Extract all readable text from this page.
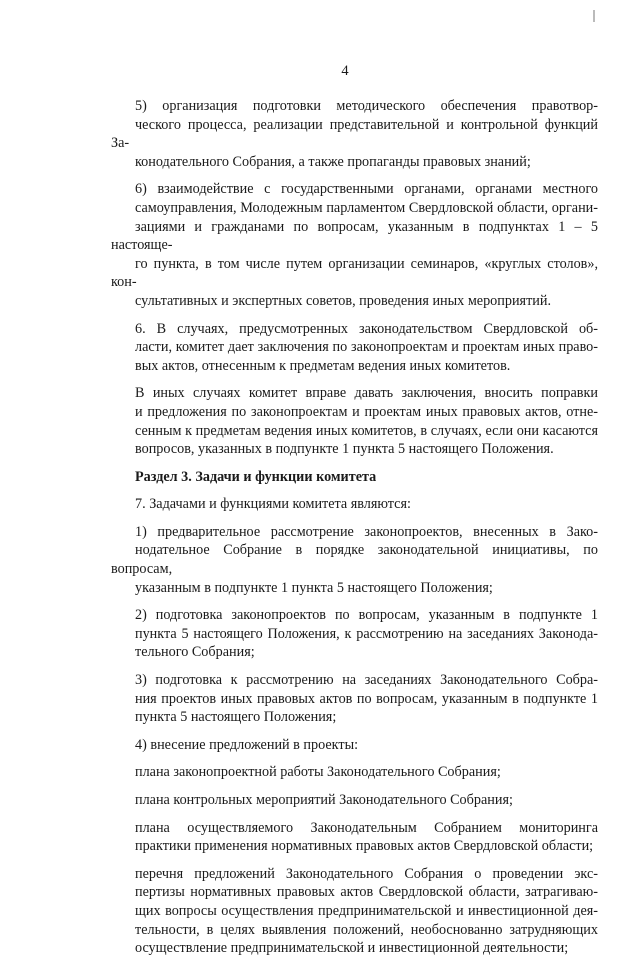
4

5) организация подготовки методического обеспечения правотвор-
ческого процесса, реализации представительной и контрольной функций За-
конодательного Собрания, а также пропаганды правовых знаний;

6) взаимодействие с государственными органами, органами местного
самоуправления, Молодежным парламентом Свердловской области, органи-
зациями и гражданами по вопросам, указанным в подпунктах 1 – 5 настояще-
го пункта, в том числе путем организации семинаров, «круглых столов», кон-
сультативных и экспертных советов, проведения иных мероприятий.

6. В случаях, предусмотренных законодательством Свердловской об-
ласти, комитет дает заключения по законопроектам и проектам иных право-
вых актов, отнесенным к предметам ведения иных комитетов.

В иных случаях комитет вправе давать заключения, вносить поправки
и предложения по законопроектам и проектам иных правовых актов, отне-
сенным к предметам ведения иных комитетов, в случаях, если они касаются
вопросов, указанных в подпункте 1 пункта 5 настоящего Положения.

Раздел 3. Задачи и функции комитета

7. Задачами и функциями комитета являются:

1) предварительное рассмотрение законопроектов, внесенных в Зако-
нодательное Собрание в порядке законодательной инициативы, по вопросам,
указанным в подпункте 1 пункта 5 настоящего Положения;

2) подготовка законопроектов по вопросам, указанным в подпункте 1
пункта 5 настоящего Положения, к рассмотрению на заседаниях Законода-
тельного Собрания;

3) подготовка к рассмотрению на заседаниях Законодательного Собра-
ния проектов иных правовых актов по вопросам, указанным в подпункте 1
пункта 5 настоящего Положения;

4) внесение предложений в проекты:

плана законопроектной работы Законодательного Собрания;

плана контрольных мероприятий Законодательного Собрания;

плана осуществляемого Законодательным Собранием мониторинга
практики применения нормативных правовых актов Свердловской области;

перечня предложений Законодательного Собрания о проведении экс-
пертизы нормативных правовых актов Свердловской области, затрагиваю-
щих вопросы осуществления предпринимательской и инвестиционной дея-
тельности, в целях выявления положений, необоснованно затрудняющих
осуществление предпринимательской и инвестиционной деятельности;
